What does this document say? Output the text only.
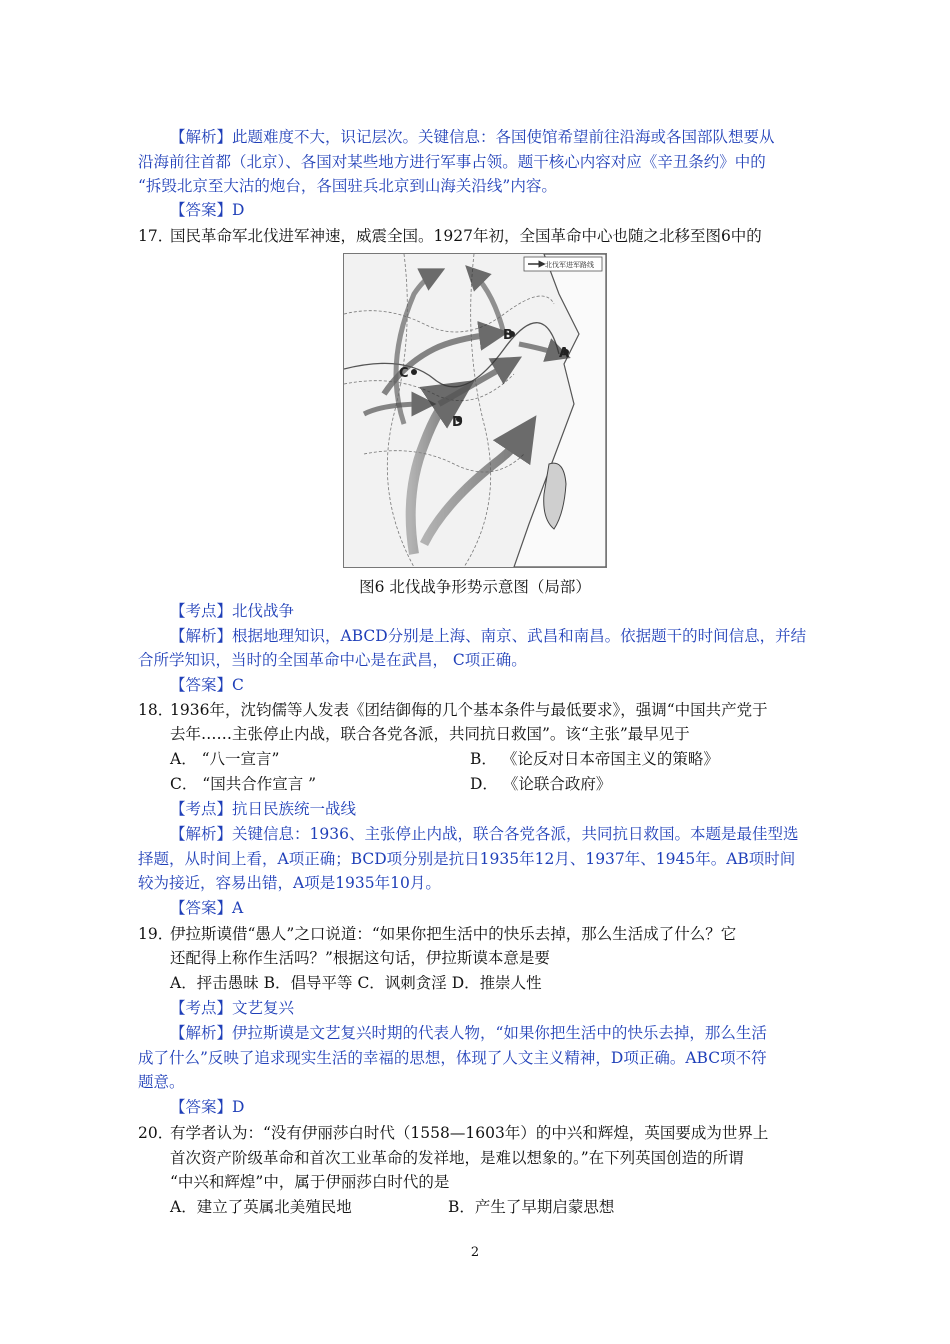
【解析】此题难度不大，识记层次。关键信息：各国使馆希望前往沿海或各国部队想要从
沿海前往首都（北京）、各国对某些地方进行军事占领。题干核心内容对应《辛丑条约》中的
“拆毁北京至大沽的炮台，各国驻兵北京到山海关沿线”内容。
【答案】D
17．国民革命军北伐进军神速，威震全国。1927年初，全国革命中心也随之北移至图6中的
北伐军进军路线
A
B
C
D
图6 北伐战争形势示意图（局部）
【考点】北伐战争
【解析】根据地理知识，ABCD分别是上海、南京、武昌和南昌。依据题干的时间信息，并结
合所学知识，当时的全国革命中心是在武昌， C项正确。
【答案】C
18．1936年，沈钧儒等人发表《团结御侮的几个基本条件与最低要求》，强调“中国共产党于
去年……主张停止内战，联合各党各派，共同抗日救国”。该“主张”最早见于
A． “八一宣言”	B． 《论反对日本帝国主义的策略》
C． “国共合作宣言 ”	D． 《论联合政府》
【考点】抗日民族统一战线
【解析】关键信息：1936、主张停止内战，联合各党各派，共同抗日救国。本题是最佳型选
择题，从时间上看，A项正确；BCD项分别是抗日1935年12月、1937年、1945年。AB项时间
较为接近，容易出错，A项是1935年10月。
【答案】A
19．伊拉斯谟借“愚人”之口说道：“如果你把生活中的快乐去掉，那么生活成了什么？它
还配得上称作生活吗？”根据这句话，伊拉斯谟本意是要
A．抨击愚昧 B．倡导平等 C．讽刺贪淫 D．推崇人性
【考点】文艺复兴
【解析】伊拉斯谟是文艺复兴时期的代表人物，“如果你把生活中的快乐去掉，那么生活
成了什么”反映了追求现实生活的幸福的思想，体现了人文主义精神，D项正确。ABC项不符
题意。
【答案】D
20．有学者认为：“没有伊丽莎白时代（1558—1603年）的中兴和辉煌，英国要成为世界上
首次资产阶级革命和首次工业革命的发祥地，是难以想象的。”在下列英国创造的所谓
“中兴和辉煌”中，属于伊丽莎白时代的是
A．建立了英属北美殖民地	B．产生了早期启蒙思想
2
